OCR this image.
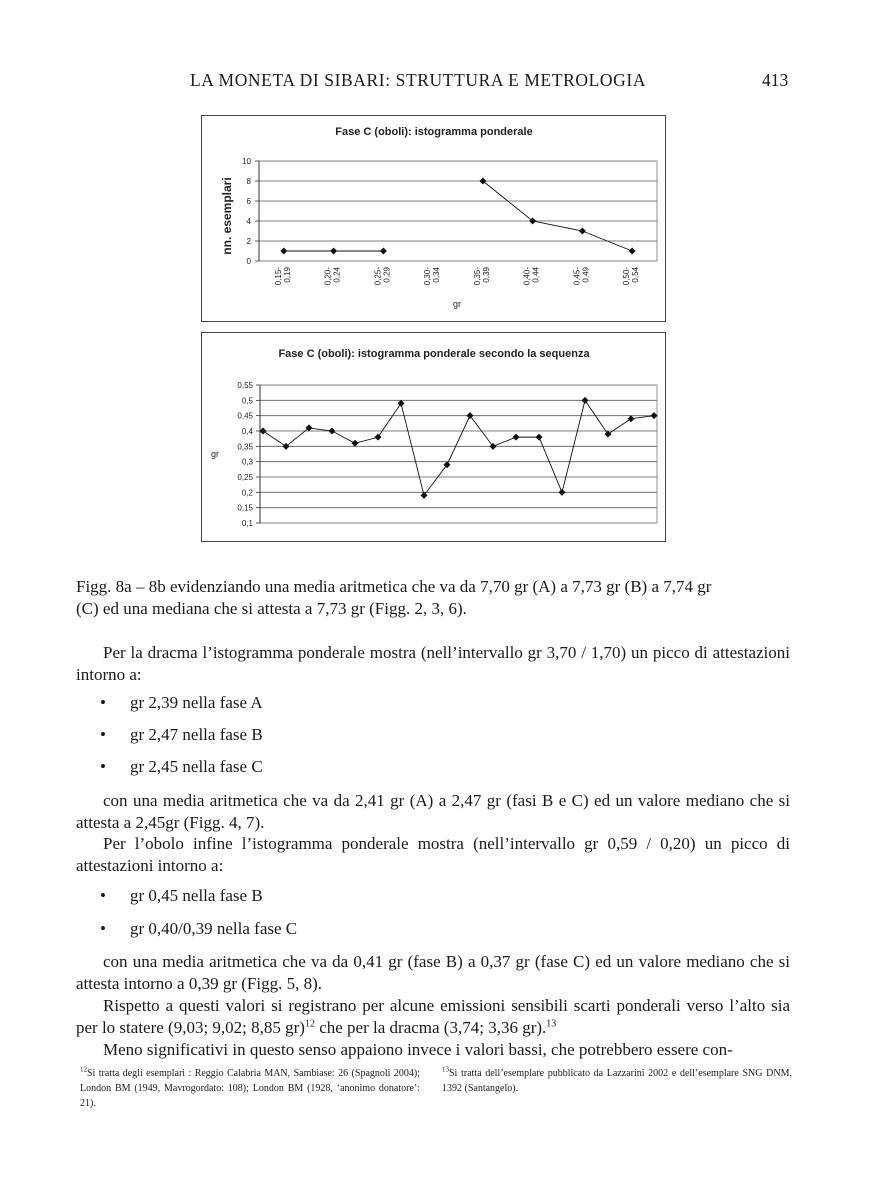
LA MONETA DI SIBARI: STRUTTURA E METROLOGIA	413
Fase C (oboli): istogramma ponderale
nn. esemplari
gr
0
2
4
6
8
10
0,15- 0,19	0,20- 0,24	0,25- 0,29	0,30- 0,34	0,35- 0,39	0,40- 0,44	0,45- 0,49	0,50- 0,54
Fase C (oboli): istogramma ponderale secondo la sequenza
gr
0,1
0,15
0,2
0,25
0,3
0,35
0,4
0,45
0,5
0,55
Figg. 8a – 8b evidenziando una media aritmetica che va da 7,70 gr (A) a 7,73 gr (B) a 7,74 gr
(C) ed una mediana che si attesta a 7,73 gr (Figg. 2, 3, 6).
Per la dracma l’istogramma ponderale mostra (nell’intervallo gr 3,70 / 1,70) un picco di attestazioni intorno a:
• gr 2,39 nella fase A
• gr 2,47 nella fase B
• gr 2,45 nella fase C
con una media aritmetica che va da 2,41 gr (A) a 2,47 gr (fasi B e C) ed un valore mediano che si attesta a 2,45gr (Figg. 4, 7).
Per l’obolo infine l’istogramma ponderale mostra (nell’intervallo gr 0,59 / 0,20) un picco di attestazioni intorno a:
• gr 0,45 nella fase B
• gr 0,40/0,39 nella fase C
con una media aritmetica che va da 0,41 gr (fase B) a 0,37 gr (fase C) ed un valore mediano che si attesta intorno a 0,39 gr (Figg. 5, 8).
Rispetto a questi valori si registrano per alcune emissioni sensibili scarti ponderali verso l’alto sia per lo statere (9,03; 9,02; 8,85 gr)$^{12}$ che per la dracma (3,74; 3,36 gr).$^{13}$
Meno significativi in questo senso appaiono invece i valori bassi, che potrebbero essere con-
$^{12}$Si tratta degli esemplari : Reggio Calabria MAN, Sambiase: 26 (Spagnoli 2004); London BM (1949, Mavrogordato: 108); London BM (1928, ‘anonimo donatore’: 21).
$^{13}$Si tratta dell’esemplare pubblicato da Lazzarini 2002 e dell’esemplare SNG DNM, 1392 (Santangelo).
